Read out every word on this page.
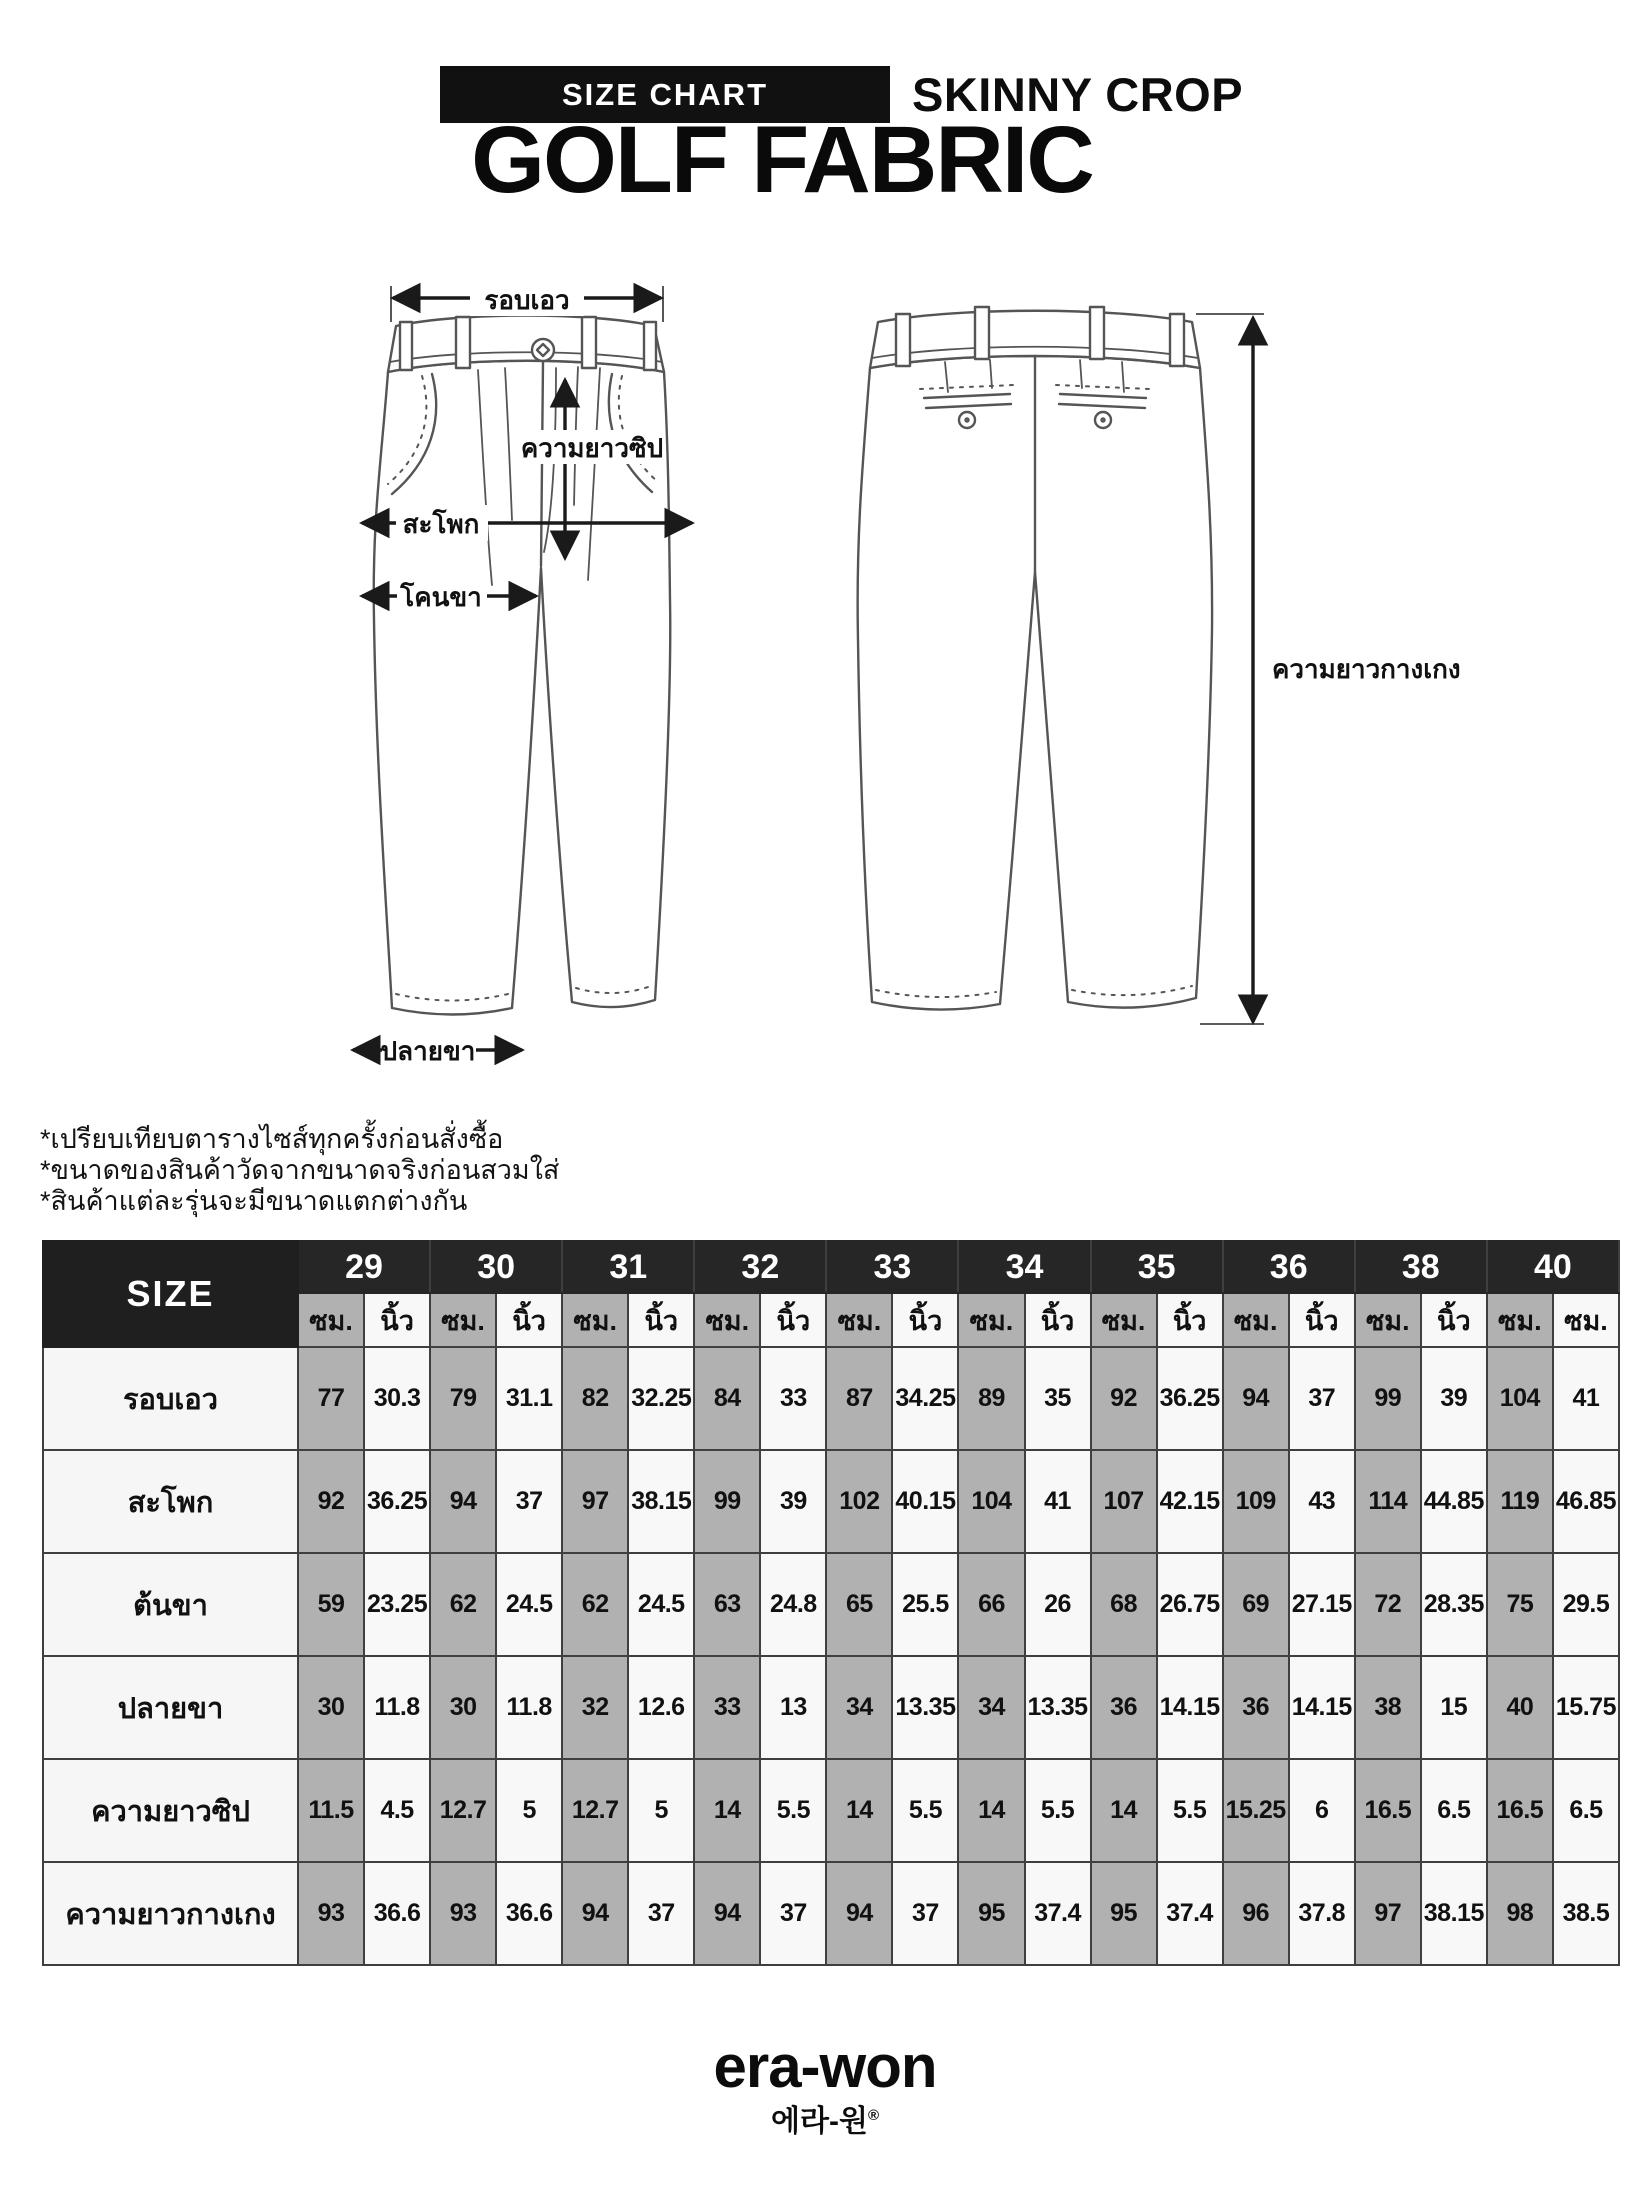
SIZE CHART	SKINNY CROP
GOLF FABRIC
รอบเอว
ความยาวซิป
สะโพก
โคนขา
ปลายขา
ความยาวกางเกง

*เปรียบเทียบตารางไซส์ทุกครั้งก่อนสั่งซื้อ

*ขนาดของสินค้าวัดจากขนาดจริงก่อนสวมใส่

*สินค้าแต่ละรุ่นจะมีขนาดแตกต่างกัน

SIZE	29		30		31		32		33		34		35		36		38		40	
	ซม.	นิ้ว	ซม.	นิ้ว	ซม.	นิ้ว	ซม.	นิ้ว	ซม.	นิ้ว	ซม.	นิ้ว	ซม.	นิ้ว	ซม.	นิ้ว	ซม.	นิ้ว	ซม.	ซม.
รอบเอว	77	30.3	79	31.1	82	32.25	84	33	87	34.25	89	35	92	36.25	94	37	99	39	104	41
สะโพก	92	36.25	94	37	97	38.15	99	39	102	40.15	104	41	107	42.15	109	43	114	44.85	119	46.85
ต้นขา	59	23.25	62	24.5	62	24.5	63	24.8	65	25.5	66	26	68	26.75	69	27.15	72	28.35	75	29.5
ปลายขา	30	11.8	30	11.8	32	12.6	33	13	34	13.35	34	13.35	36	14.15	36	14.15	38	15	40	15.75
ความยาวซิป	11.5	4.5	12.7	5	12.7	5	14	5.5	14	5.5	14	5.5	14	5.5	15.25	6	16.5	6.5	16.5	6.5
ความยาวกางเกง	93	36.6	93	36.6	94	37	94	37	94	37	95	37.4	95	37.4	96	37.8	97	38.15	98	38.5
era-won
에라-원®
